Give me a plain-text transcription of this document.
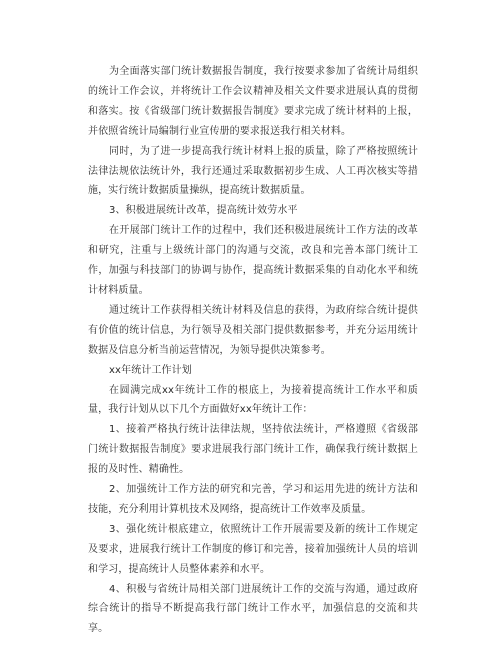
为全面落实部门统计数据报告制度，我行按要求参加了省统计局组织的统计工作会议，并将统计工作会议精神及相关文件要求进展认真的贯彻和落实。按《省级部门统计数据报告制度》要求完成了统计材料的上报，并依照省统计局编制行业宣传册的要求报送我行相关材料。

同时，为了进一步提高我行统计材料上报的质量，除了严格按照统计法律法规依法统计外，我行还通过采取数据初步生成、人工再次核实等措施，实行统计数据质量操纵，提高统计数据质量。

3、积极进展统计改革，提高统计效劳水平

在开展部门统计工作的过程中，我们还积极进展统计工作方法的改革和研究，注重与上级统计部门的沟通与交流，改良和完善本部门统计工作，加强与科技部门的协调与协作，提高统计数据采集的自动化水平和统计材料质量。

通过统计工作获得相关统计材料及信息的获得，为政府综合统计提供有价值的统计信息，为行领导及相关部门提供数据参考，并充分运用统计数据及信息分析当前运营情况，为领导提供决策参考。

xx年统计工作计划

在圆满完成xx年统计工作的根底上，为接着提高统计工作水平和质量，我行计划从以下几个方面做好xx年统计工作：

1、接着严格执行统计法律法规，坚持依法统计，严格遵照《省级部门统计数据报告制度》要求进展我行部门统计工作，确保我行统计数据上报的及时性、精确性。

2、加强统计工作方法的研究和完善，学习和运用先进的统计方法和技能，充分利用计算机技术及网络，提高统计工作效率及质量。

3、强化统计根底建立，依照统计工作开展需要及新的统计工作规定及要求，进展我行统计工作制度的修订和完善，接着加强统计人员的培训和学习，提高统计人员整体素养和水平。

4、积极与省统计局相关部门进展统计工作的交流与沟通，通过政府综合统计的指导不断提高我行部门统计工作水平，加强信息的交流和共享。
